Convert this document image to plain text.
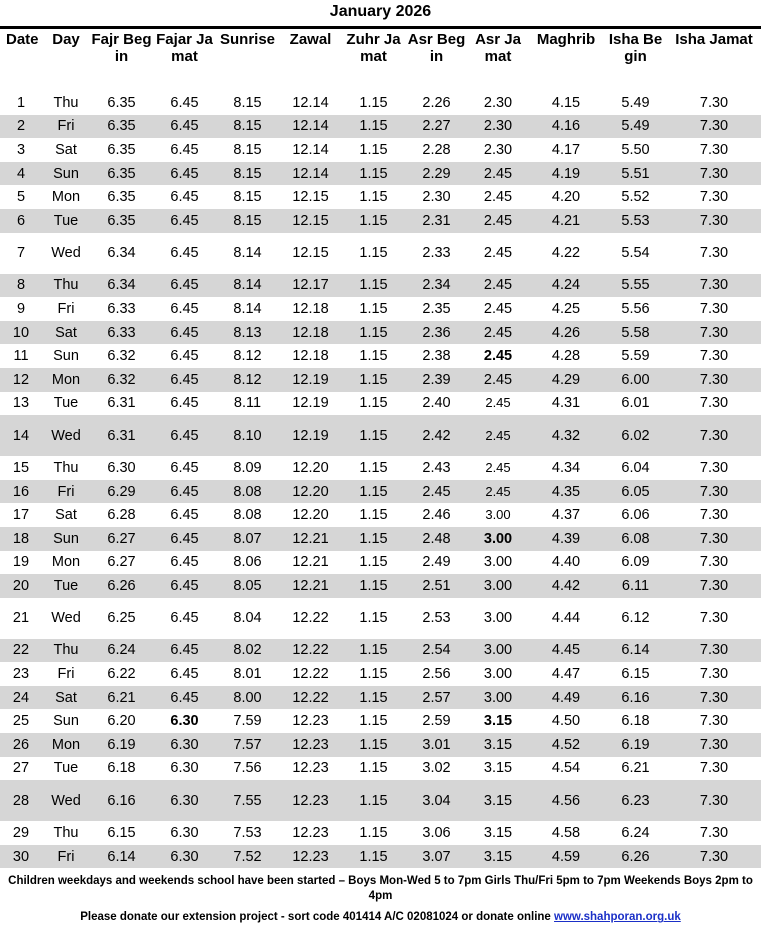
January 2026
Date	Day	Fajr Begin	Fajar Jamat	Sunrise	Zawal	Zuhr Jamat	Asr Begin	Asr Jamat	Maghrib	Isha Begin	Isha Jamat
1	Thu	6.35	6.45	8.15	12.14	1.15	2.26	2.30	4.15	5.49	7.30
2	Fri	6.35	6.45	8.15	12.14	1.15	2.27	2.30	4.16	5.49	7.30
3	Sat	6.35	6.45	8.15	12.14	1.15	2.28	2.30	4.17	5.50	7.30
4	Sun	6.35	6.45	8.15	12.14	1.15	2.29	2.45	4.19	5.51	7.30
5	Mon	6.35	6.45	8.15	12.15	1.15	2.30	2.45	4.20	5.52	7.30
6	Tue	6.35	6.45	8.15	12.15	1.15	2.31	2.45	4.21	5.53	7.30
7	Wed	6.34	6.45	8.14	12.15	1.15	2.33	2.45	4.22	5.54	7.30
8	Thu	6.34	6.45	8.14	12.17	1.15	2.34	2.45	4.24	5.55	7.30
9	Fri	6.33	6.45	8.14	12.18	1.15	2.35	2.45	4.25	5.56	7.30
10	Sat	6.33	6.45	8.13	12.18	1.15	2.36	2.45	4.26	5.58	7.30
11	Sun	6.32	6.45	8.12	12.18	1.15	2.38	2.45	4.28	5.59	7.30
12	Mon	6.32	6.45	8.12	12.19	1.15	2.39	2.45	4.29	6.00	7.30
13	Tue	6.31	6.45	8.11	12.19	1.15	2.40	2.45	4.31	6.01	7.30
14	Wed	6.31	6.45	8.10	12.19	1.15	2.42	2.45	4.32	6.02	7.30
15	Thu	6.30	6.45	8.09	12.20	1.15	2.43	2.45	4.34	6.04	7.30
16	Fri	6.29	6.45	8.08	12.20	1.15	2.45	2.45	4.35	6.05	7.30
17	Sat	6.28	6.45	8.08	12.20	1.15	2.46	3.00	4.37	6.06	7.30
18	Sun	6.27	6.45	8.07	12.21	1.15	2.48	3.00	4.39	6.08	7.30
19	Mon	6.27	6.45	8.06	12.21	1.15	2.49	3.00	4.40	6.09	7.30
20	Tue	6.26	6.45	8.05	12.21	1.15	2.51	3.00	4.42	6.11	7.30
21	Wed	6.25	6.45	8.04	12.22	1.15	2.53	3.00	4.44	6.12	7.30
22	Thu	6.24	6.45	8.02	12.22	1.15	2.54	3.00	4.45	6.14	7.30
23	Fri	6.22	6.45	8.01	12.22	1.15	2.56	3.00	4.47	6.15	7.30
24	Sat	6.21	6.45	8.00	12.22	1.15	2.57	3.00	4.49	6.16	7.30
25	Sun	6.20	6.30	7.59	12.23	1.15	2.59	3.15	4.50	6.18	7.30
26	Mon	6.19	6.30	7.57	12.23	1.15	3.01	3.15	4.52	6.19	7.30
27	Tue	6.18	6.30	7.56	12.23	1.15	3.02	3.15	4.54	6.21	7.30
28	Wed	6.16	6.30	7.55	12.23	1.15	3.04	3.15	4.56	6.23	7.30
29	Thu	6.15	6.30	7.53	12.23	1.15	3.06	3.15	4.58	6.24	7.30
30	Fri	6.14	6.30	7.52	12.23	1.15	3.07	3.15	4.59	6.26	7.30
Children weekdays and weekends school have been started – Boys Mon-Wed 5 to 7pm Girls Thu/Fri 5pm to 7pm Weekends Boys 2pm to 4pm
Please donate our extension project - sort code 401414 A/C 02081024 or donate online www.shahporan.org.uk
